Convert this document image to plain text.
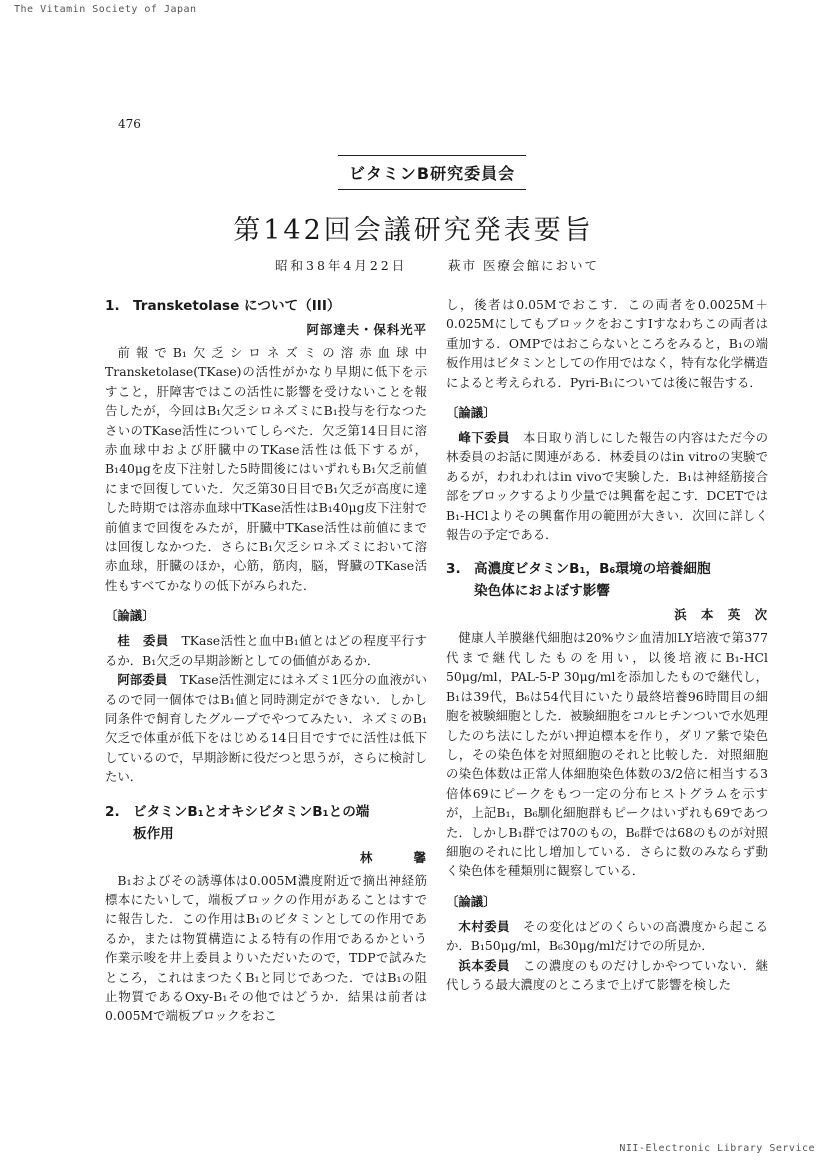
The Vitamin Society of Japan
NII-Electronic Library Service
476
ビタミンB研究委員会
第142回会議研究発表要旨
昭和38年4月22日	萩市 医療会館において
1. Transketolase について（III）
阿部達夫・保科光平

前報でB₁欠乏シロネズミの溶赤血球中Transketolase(TKase)の活性がかなり早期に低下を示すこと，肝障害ではこの活性に影響を受けないことを報告したが，今回はB₁欠乏シロネズミにB₁投与を行なつたさいのTKase活性についてしらべた．欠乏第14日目に溶赤血球中および肝臓中のTKase活性は低下するが，B₁40μgを皮下注射した5時間後にはいずれもB₁欠乏前値にまで回復していた．欠乏第30日目でB₁欠乏が高度に達した時期では溶赤血球中TKase活性はB₁40μg皮下注射で前値まで回復をみたが，肝臓中TKase活性は前値にまでは回復しなかつた．さらにB₁欠乏シロネズミにおいて溶赤血球，肝臓のほか，心筋，筋肉，脳，腎臓のTKase活性もすべてかなりの低下がみられた．

〔論議〕

桂　委員　 TKase活性と血中B₁値とはどの程度平行するか．B₁欠乏の早期診断としての価値があるか．

阿部委員　 TKase活性測定にはネズミ1匹分の血液がいるので同一個体ではB₁値と同時測定ができない．しかし同条件で飼育したグループでやつてみたい．ネズミのB₁欠乏で体重が低下をはじめる14日目ですでに活性は低下しているので，早期診断に役だつと思うが，さらに検討したい．

2. ビタミンB₁とオキシビタミンB₁との端
板作用
林　　　馨

B₁およびその誘導体は0.005M濃度附近で摘出神経筋標本にたいして，端板ブロックの作用があることはすでに報告した．この作用はB₁のビタミンとしての作用であるか，または物質構造による特有の作用であるかという作業示唆を井上委員よりいただいたので，TDPで試みたところ，これはまつたくB₁と同じであつた．ではB₁の阻止物質であるOxy-B₁その他ではどうか．結果は前者は0.005Mで端板ブロックをおこ

し，後者は0.05Mでおこす．この両者を0.0025M＋0.025MにしてもブロックをおこすIすなわちこの両者は重加する．OMPではおこらないところをみると，B₁の端板作用はビタミンとしての作用ではなく，特有な化学構造によると考えられる．Pyri-B₁については後に報告する．

〔論議〕

峰下委員　 本日取り消しにした報告の内容はただ今の林委員のお話に関連がある．林委員のはin vitroの実験であるが，われわれはin vivoで実験した．B₁は神経筋接合部をブロックするより少量では興奮を起こす．DCETではB₁-HClよりその興奮作用の範囲が大きい．次回に詳しく報告の予定である．

3. 高濃度ビタミンB₁，B₆環境の培養細胞
染色体におよぼす影響
浜　本　英　次

健康人羊膜継代細胞は20%ウシ血清加LY培液で第377代まで継代したものを用い，以後培液にB₁-HCl 50μg/ml，PAL-5-P 30μg/mlを添加したもので継代し，B₁は39代，B₆は54代目にいたり最終培養96時間目の細胞を被験細胞とした．被験細胞をコルヒチンついで水処理したのち法にしたがい押迫標本を作り，ダリア紫で染色し，その染色体を対照細胞のそれと比較した．対照細胞の染色体数は正常人体細胞染色体数の3/2倍に相当する3倍体69にピークをもつ一定の分布ヒストグラムを示すが，上記B₁，B₆馴化細胞群もピークはいずれも69であつた．しかしB₁群では70のもの，B₆群では68のものが対照細胞のそれに比し増加している．さらに数のみならず動く染色体を種類別に観察している．

〔論議〕

木村委員　 その変化はどのくらいの高濃度から起こるか．B₁50μg/ml，B₆30μg/mlだけでの所見か．

浜本委員　 この濃度のものだけしかやつていない．継代しうる最大濃度のところまで上げて影響を検した
